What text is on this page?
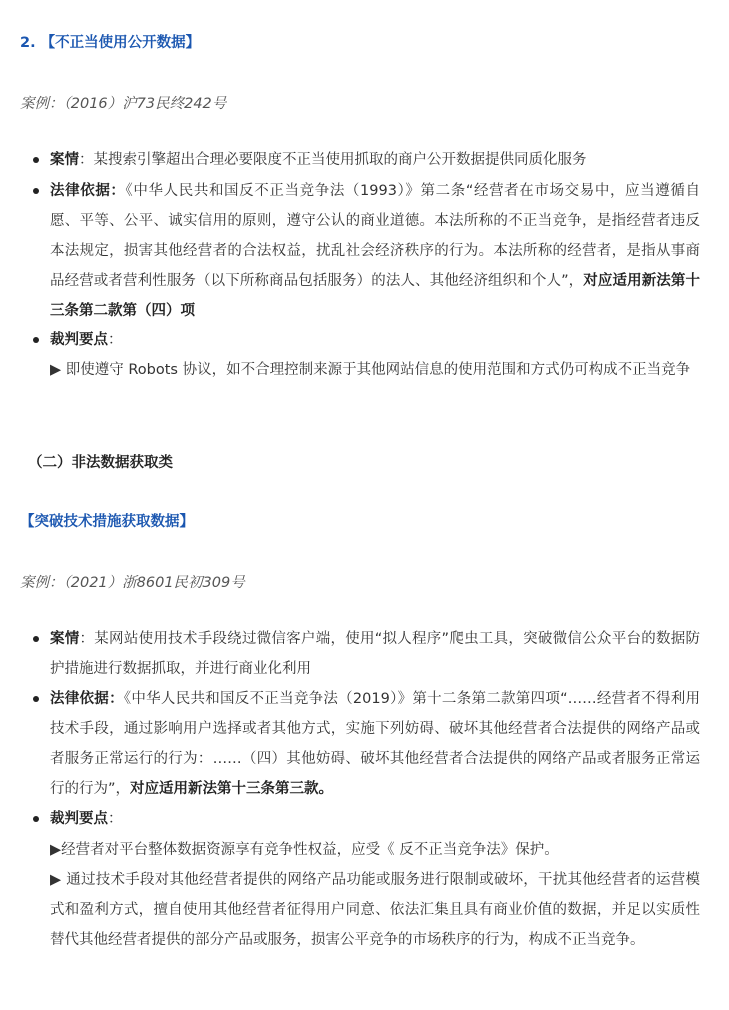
2. 【不正当使用公开数据】
案例：（2016）沪73民终242号
案情：某搜索引擎超出合理必要限度不正当使用抓取的商户公开数据提供同质化服务
法律依据：《中华人民共和国反不正当竞争法（1993）》第二条“经营者在市场交易中，应当遵循自愿、平等、公平、诚实信用的原则，遵守公认的商业道德。本法所称的不正当竞争，是指经营者违反本法规定，损害其他经营者的合法权益，扰乱社会经济秩序的行为。本法所称的经营者，是指从事商品经营或者营利性服务（以下所称商品包括服务）的法人、其他经济组织和个人”，对应适用新法第十三条第二款第（四）项
裁判要点：
▶ 即使遵守 Robots 协议，如不合理控制来源于其他网站信息的使用范围和方式仍可构成不正当竞争
（二）非法数据获取类
【突破技术措施获取数据】
案例：（2021）浙8601民初309号
案情：某网站使用技术手段绕过微信客户端，使用“拟人程序”爬虫工具，突破微信公众平台的数据防护措施进行数据抓取，并进行商业化利用
法律依据：《中华人民共和国反不正当竞争法（2019）》第十二条第二款第四项“……经营者不得利用技术手段，通过影响用户选择或者其他方式，实施下列妨碍、破坏其他经营者合法提供的网络产品或者服务正常运行的行为：……（四）其他妨碍、破坏其他经营者合法提供的网络产品或者服务正常运行的行为”，对应适用新法第十三条第三款。
裁判要点：
▶经营者对平台整体数据资源享有竞争性权益，应受《 反不正当竞争法》保护。
▶ 通过技术手段对其他经营者提供的网络产品功能或服务进行限制或破坏，干扰其他经营者的运营模式和盈利方式，擅自使用其他经营者征得用户同意、依法汇集且具有商业价值的数据，并足以实质性替代其他经营者提供的部分产品或服务，损害公平竞争的市场秩序的行为，构成不正当竞争。
